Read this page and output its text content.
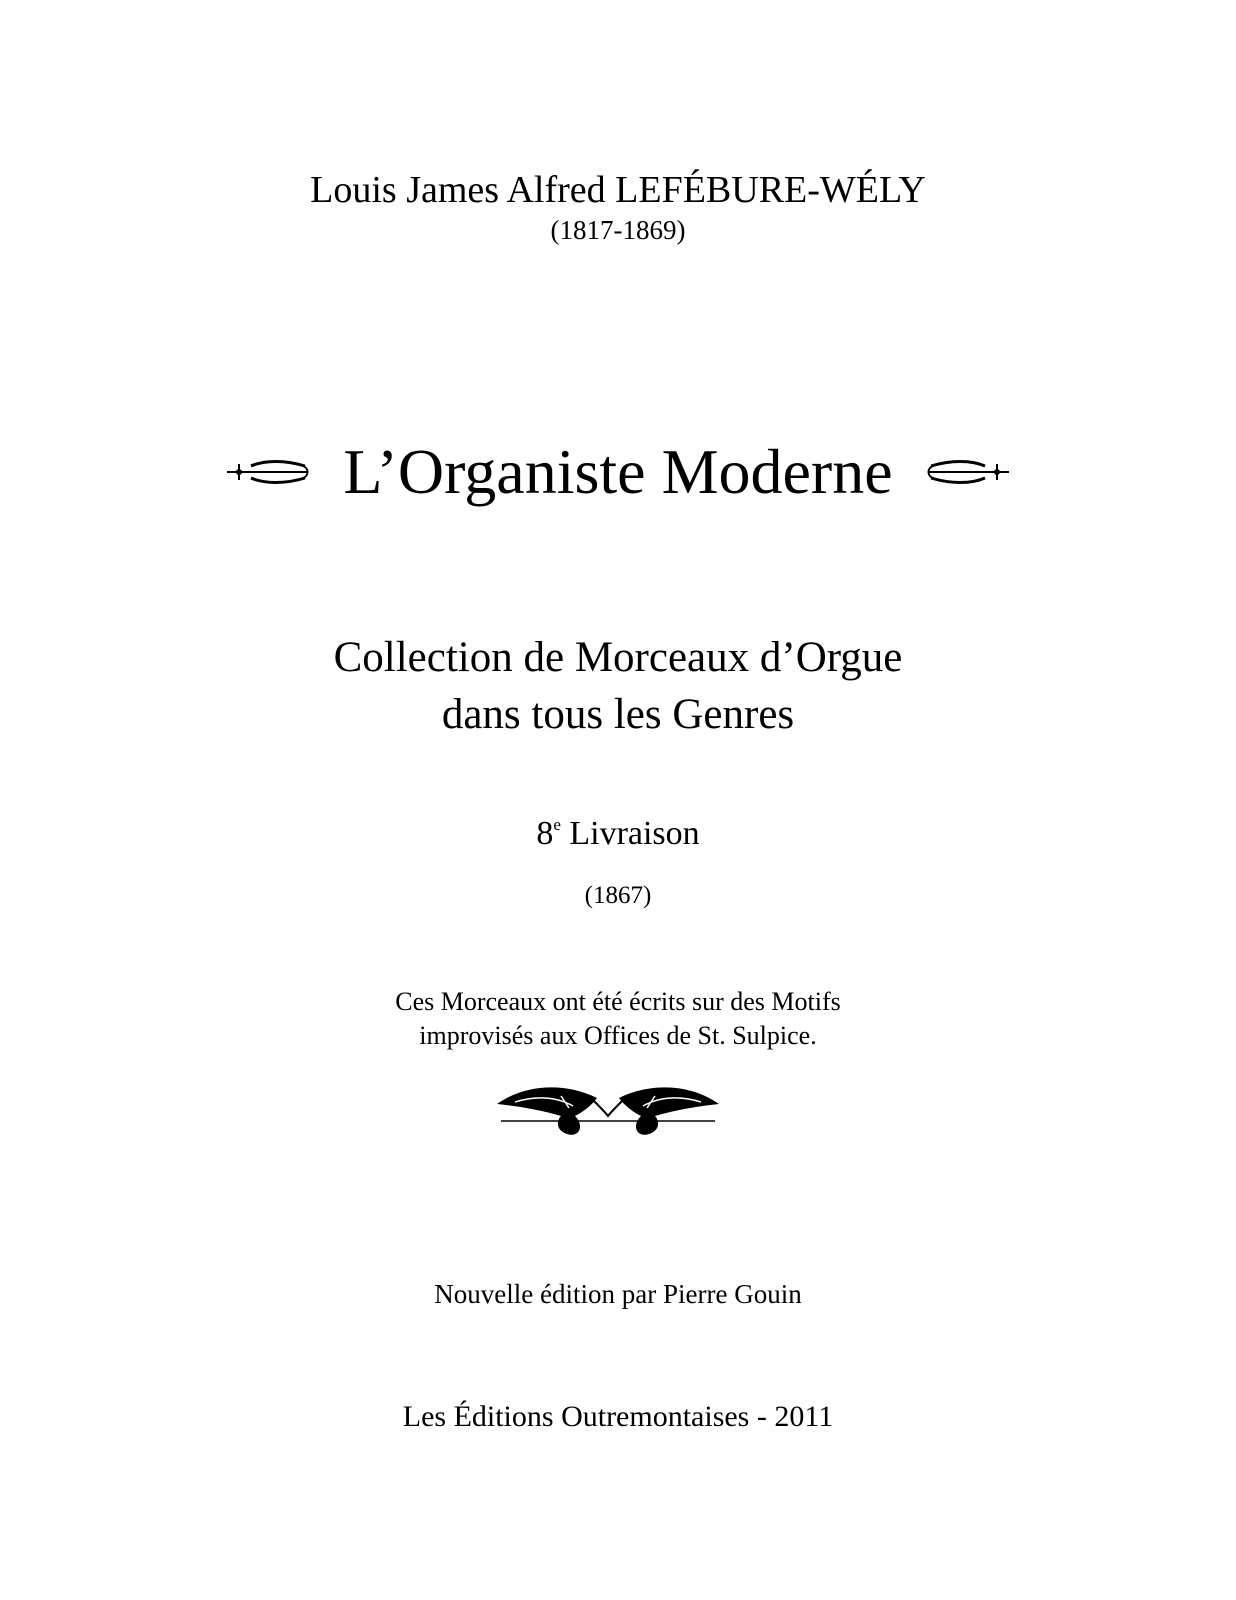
Louis James Alfred LEFÉBURE-WÉLY
(1817-1869)
L’Organiste Moderne
Collection de Morceaux d’Orgue
dans tous les Genres
8e Livraison
(1867)
Ces Morceaux ont été écrits sur des Motifs
improvisés aux Offices de St. Sulpice.
Nouvelle édition par Pierre Gouin
Les Éditions Outremontaises - 2011
